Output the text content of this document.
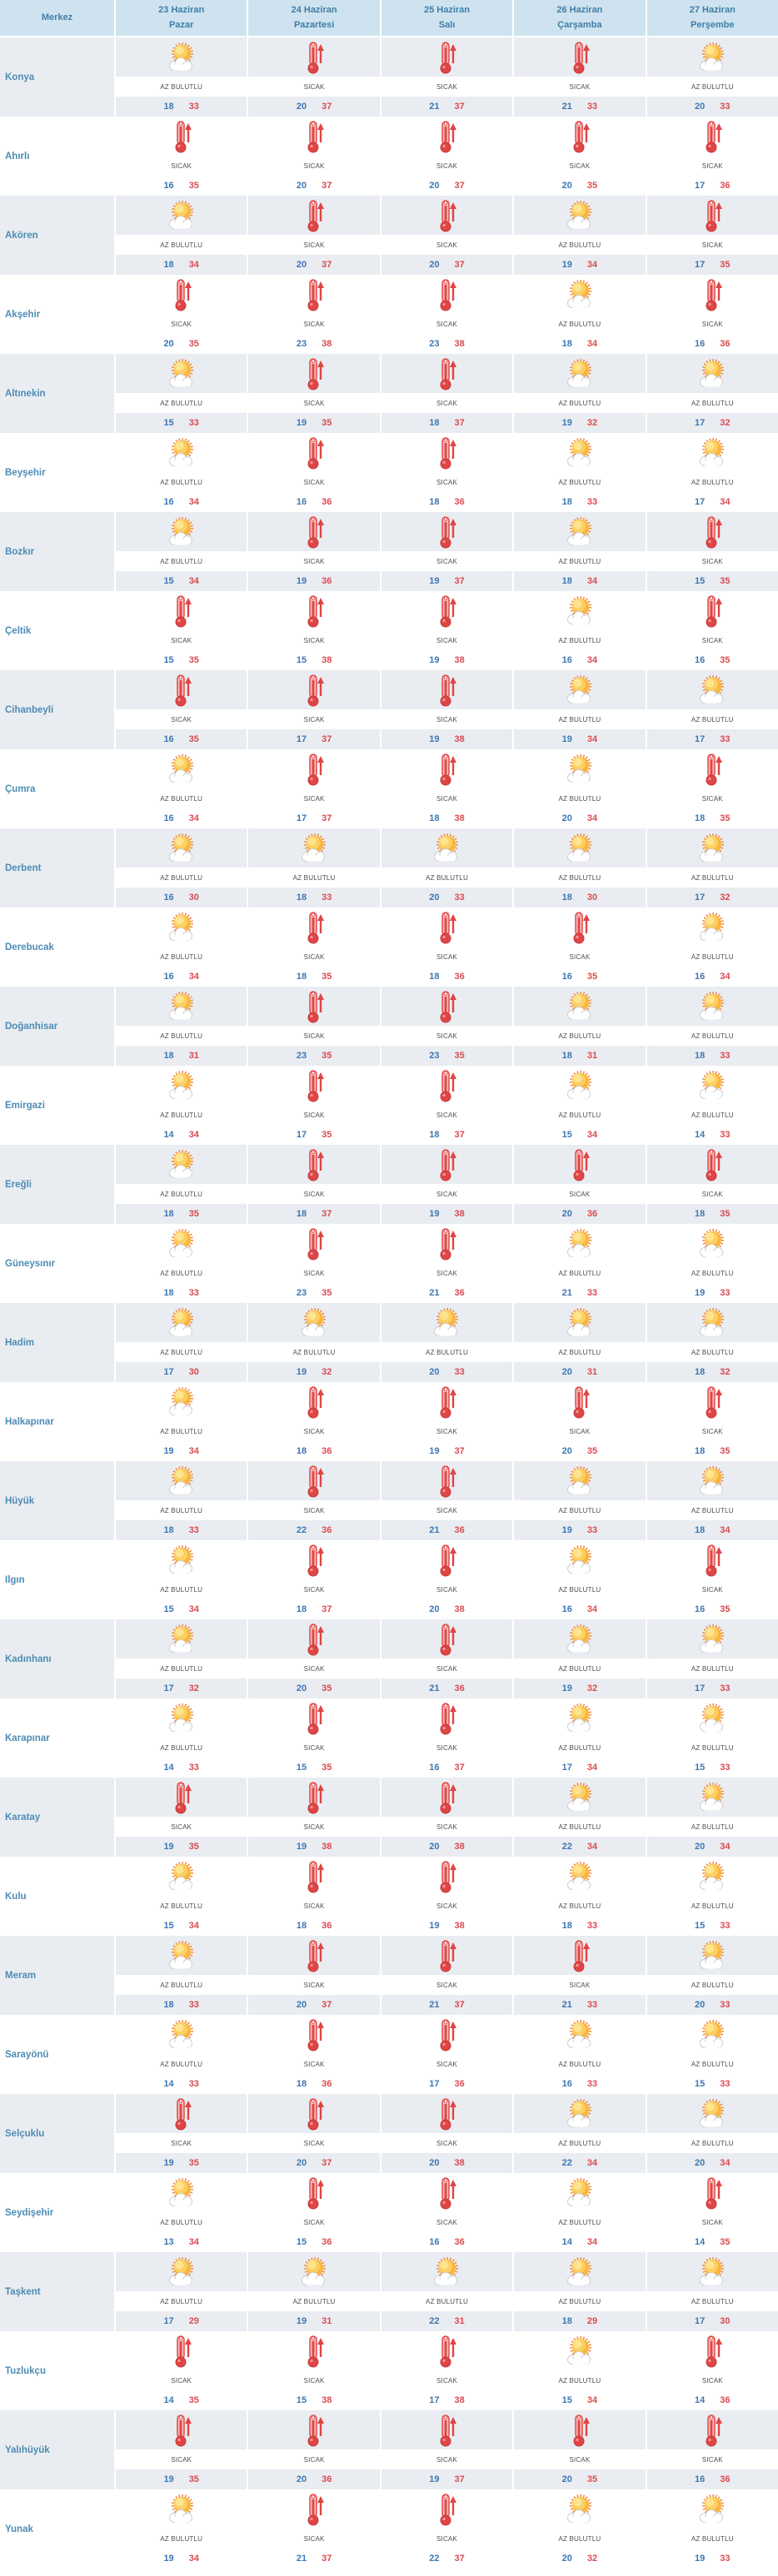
Merkez
23 Haziran
Pazar
24 Haziran
Pazartesi
25 Haziran
Salı
26 Haziran
Çarşamba
27 Haziran
Perşembe
Konya
AZ BULUTLU
18 33
SICAK
20 37
SICAK
21 37
SICAK
21 33
AZ BULUTLU
20 33
Ahırlı
SICAK
16 35
SICAK
20 37
SICAK
20 37
SICAK
20 35
SICAK
17 36
Akören
AZ BULUTLU
18 34
SICAK
20 37
SICAK
20 37
AZ BULUTLU
19 34
SICAK
17 35
Akşehir
SICAK
20 35
SICAK
23 38
SICAK
23 38
AZ BULUTLU
18 34
SICAK
16 36
Altınekin
AZ BULUTLU
15 33
SICAK
19 35
SICAK
18 37
AZ BULUTLU
19 32
AZ BULUTLU
17 32
Beyşehir
AZ BULUTLU
16 34
SICAK
16 36
SICAK
18 36
AZ BULUTLU
18 33
AZ BULUTLU
17 34
Bozkır
AZ BULUTLU
15 34
SICAK
19 36
SICAK
19 37
AZ BULUTLU
18 34
SICAK
15 35
Çeltik
SICAK
15 35
SICAK
15 38
SICAK
19 38
AZ BULUTLU
16 34
SICAK
16 35
Cihanbeyli
SICAK
16 35
SICAK
17 37
SICAK
19 38
AZ BULUTLU
19 34
AZ BULUTLU
17 33
Çumra
AZ BULUTLU
16 34
SICAK
17 37
SICAK
18 38
AZ BULUTLU
20 34
SICAK
18 35
Derbent
AZ BULUTLU
16 30
AZ BULUTLU
18 33
AZ BULUTLU
20 33
AZ BULUTLU
18 30
AZ BULUTLU
17 32
Derebucak
AZ BULUTLU
16 34
SICAK
18 35
SICAK
18 36
SICAK
16 35
AZ BULUTLU
16 34
Doğanhisar
AZ BULUTLU
18 31
SICAK
23 35
SICAK
23 35
AZ BULUTLU
18 31
AZ BULUTLU
18 33
Emirgazi
AZ BULUTLU
14 34
SICAK
17 35
SICAK
18 37
AZ BULUTLU
15 34
AZ BULUTLU
14 33
Ereğli
AZ BULUTLU
18 35
SICAK
18 37
SICAK
19 38
SICAK
20 36
SICAK
18 35
Güneysınır
AZ BULUTLU
18 33
SICAK
23 35
SICAK
21 36
AZ BULUTLU
21 33
AZ BULUTLU
19 33
Hadim
AZ BULUTLU
17 30
AZ BULUTLU
19 32
AZ BULUTLU
20 33
AZ BULUTLU
20 31
AZ BULUTLU
18 32
Halkapınar
AZ BULUTLU
19 34
SICAK
18 36
SICAK
19 37
SICAK
20 35
SICAK
18 35
Hüyük
AZ BULUTLU
18 33
SICAK
22 36
SICAK
21 36
AZ BULUTLU
19 33
AZ BULUTLU
18 34
Ilgın
AZ BULUTLU
15 34
SICAK
18 37
SICAK
20 38
AZ BULUTLU
16 34
SICAK
16 35
Kadınhanı
AZ BULUTLU
17 32
SICAK
20 35
SICAK
21 36
AZ BULUTLU
19 32
AZ BULUTLU
17 33
Karapınar
AZ BULUTLU
14 33
SICAK
15 35
SICAK
16 37
AZ BULUTLU
17 34
AZ BULUTLU
15 33
Karatay
SICAK
19 35
SICAK
19 38
SICAK
20 38
AZ BULUTLU
22 34
AZ BULUTLU
20 34
Kulu
AZ BULUTLU
15 34
SICAK
18 36
SICAK
19 38
AZ BULUTLU
18 33
AZ BULUTLU
15 33
Meram
AZ BULUTLU
18 33
SICAK
20 37
SICAK
21 37
SICAK
21 33
AZ BULUTLU
20 33
Sarayönü
AZ BULUTLU
14 33
SICAK
18 36
SICAK
17 36
AZ BULUTLU
16 33
AZ BULUTLU
15 33
Selçuklu
SICAK
19 35
SICAK
20 37
SICAK
20 38
AZ BULUTLU
22 34
AZ BULUTLU
20 34
Seydişehir
AZ BULUTLU
13 34
SICAK
15 36
SICAK
16 36
AZ BULUTLU
14 34
SICAK
14 35
Taşkent
AZ BULUTLU
17 29
AZ BULUTLU
19 31
AZ BULUTLU
22 31
AZ BULUTLU
18 29
AZ BULUTLU
17 30
Tuzlukçu
SICAK
14 35
SICAK
15 38
SICAK
17 38
AZ BULUTLU
15 34
SICAK
14 36
Yalıhüyük
SICAK
19 35
SICAK
20 36
SICAK
19 37
SICAK
20 35
SICAK
16 36
Yunak
AZ BULUTLU
19 34
SICAK
21 37
SICAK
22 37
AZ BULUTLU
20 32
AZ BULUTLU
19 33
